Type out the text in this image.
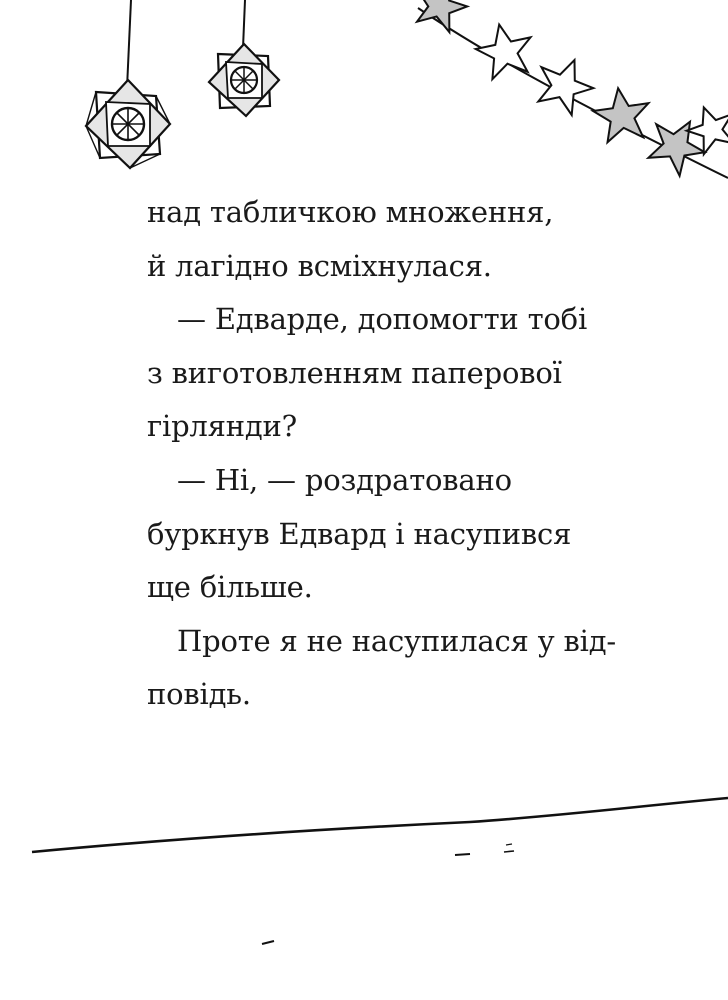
над табличкою множення,
й лагідно всміхнулася.
— Едварде, допомогти тобі
з виготовленням паперової
гірлянди?
— Ні, — роздратовано
буркнув Едвард і насупився
ще більше.
Проте я не насупилася у від-
повідь.
